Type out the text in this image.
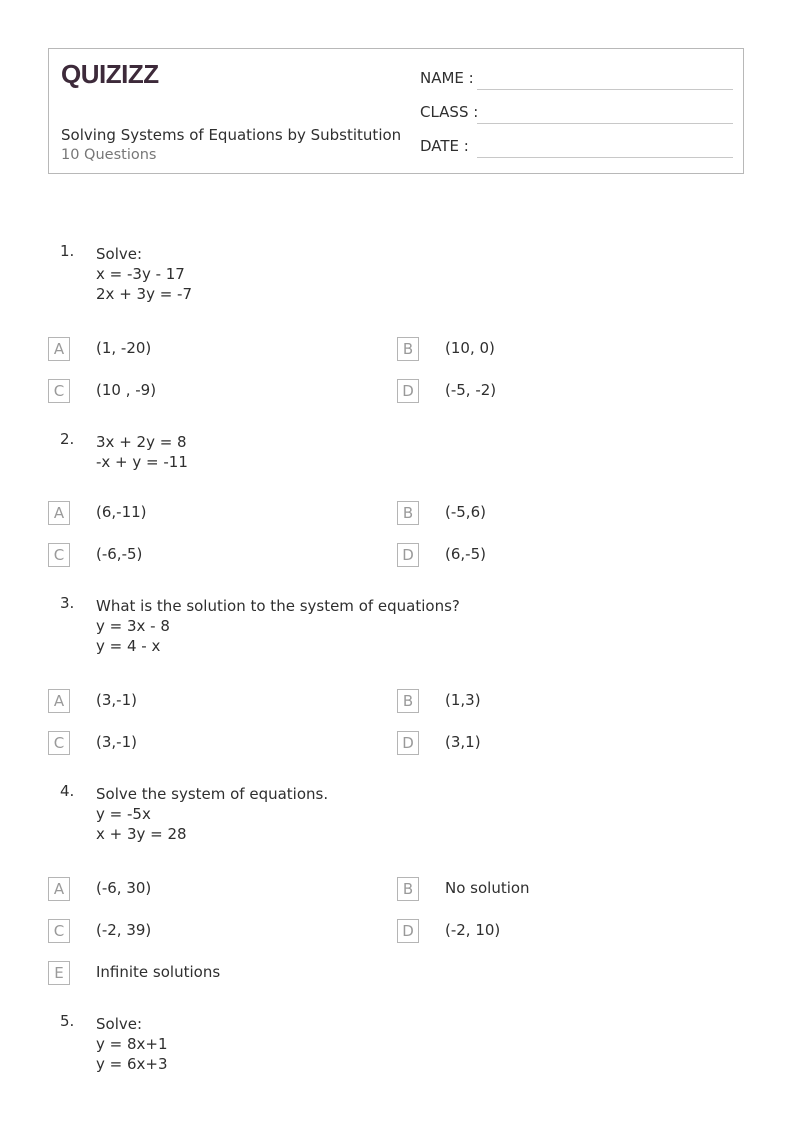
QUIZIZZ
Solving Systems of Equations by Substitution
10 Questions
NAME :
CLASS :
DATE :
1. Solve:
x = -3y - 17
2x + 3y = -7
A	(1, -20)	B	(10, 0)
C	(10 , -9)	D	(-5, -2)
2. 3x + 2y = 8
-x + y = -11
A	(6,-11)	B	(-5,6)
C	(-6,-5)	D	(6,-5)
3. What is the solution to the system of equations?
y = 3x - 8
y = 4 - x
A	(3,-1)	B	(1,3)
C	(3,-1)	D	(3,1)
4. Solve the system of equations.
y = -5x
x + 3y = 28
A	(-6, 30)	B	No solution
C	(-2, 39)	D	(-2, 10)
E	Infinite solutions
5. Solve:
y = 8x+1
y = 6x+3
